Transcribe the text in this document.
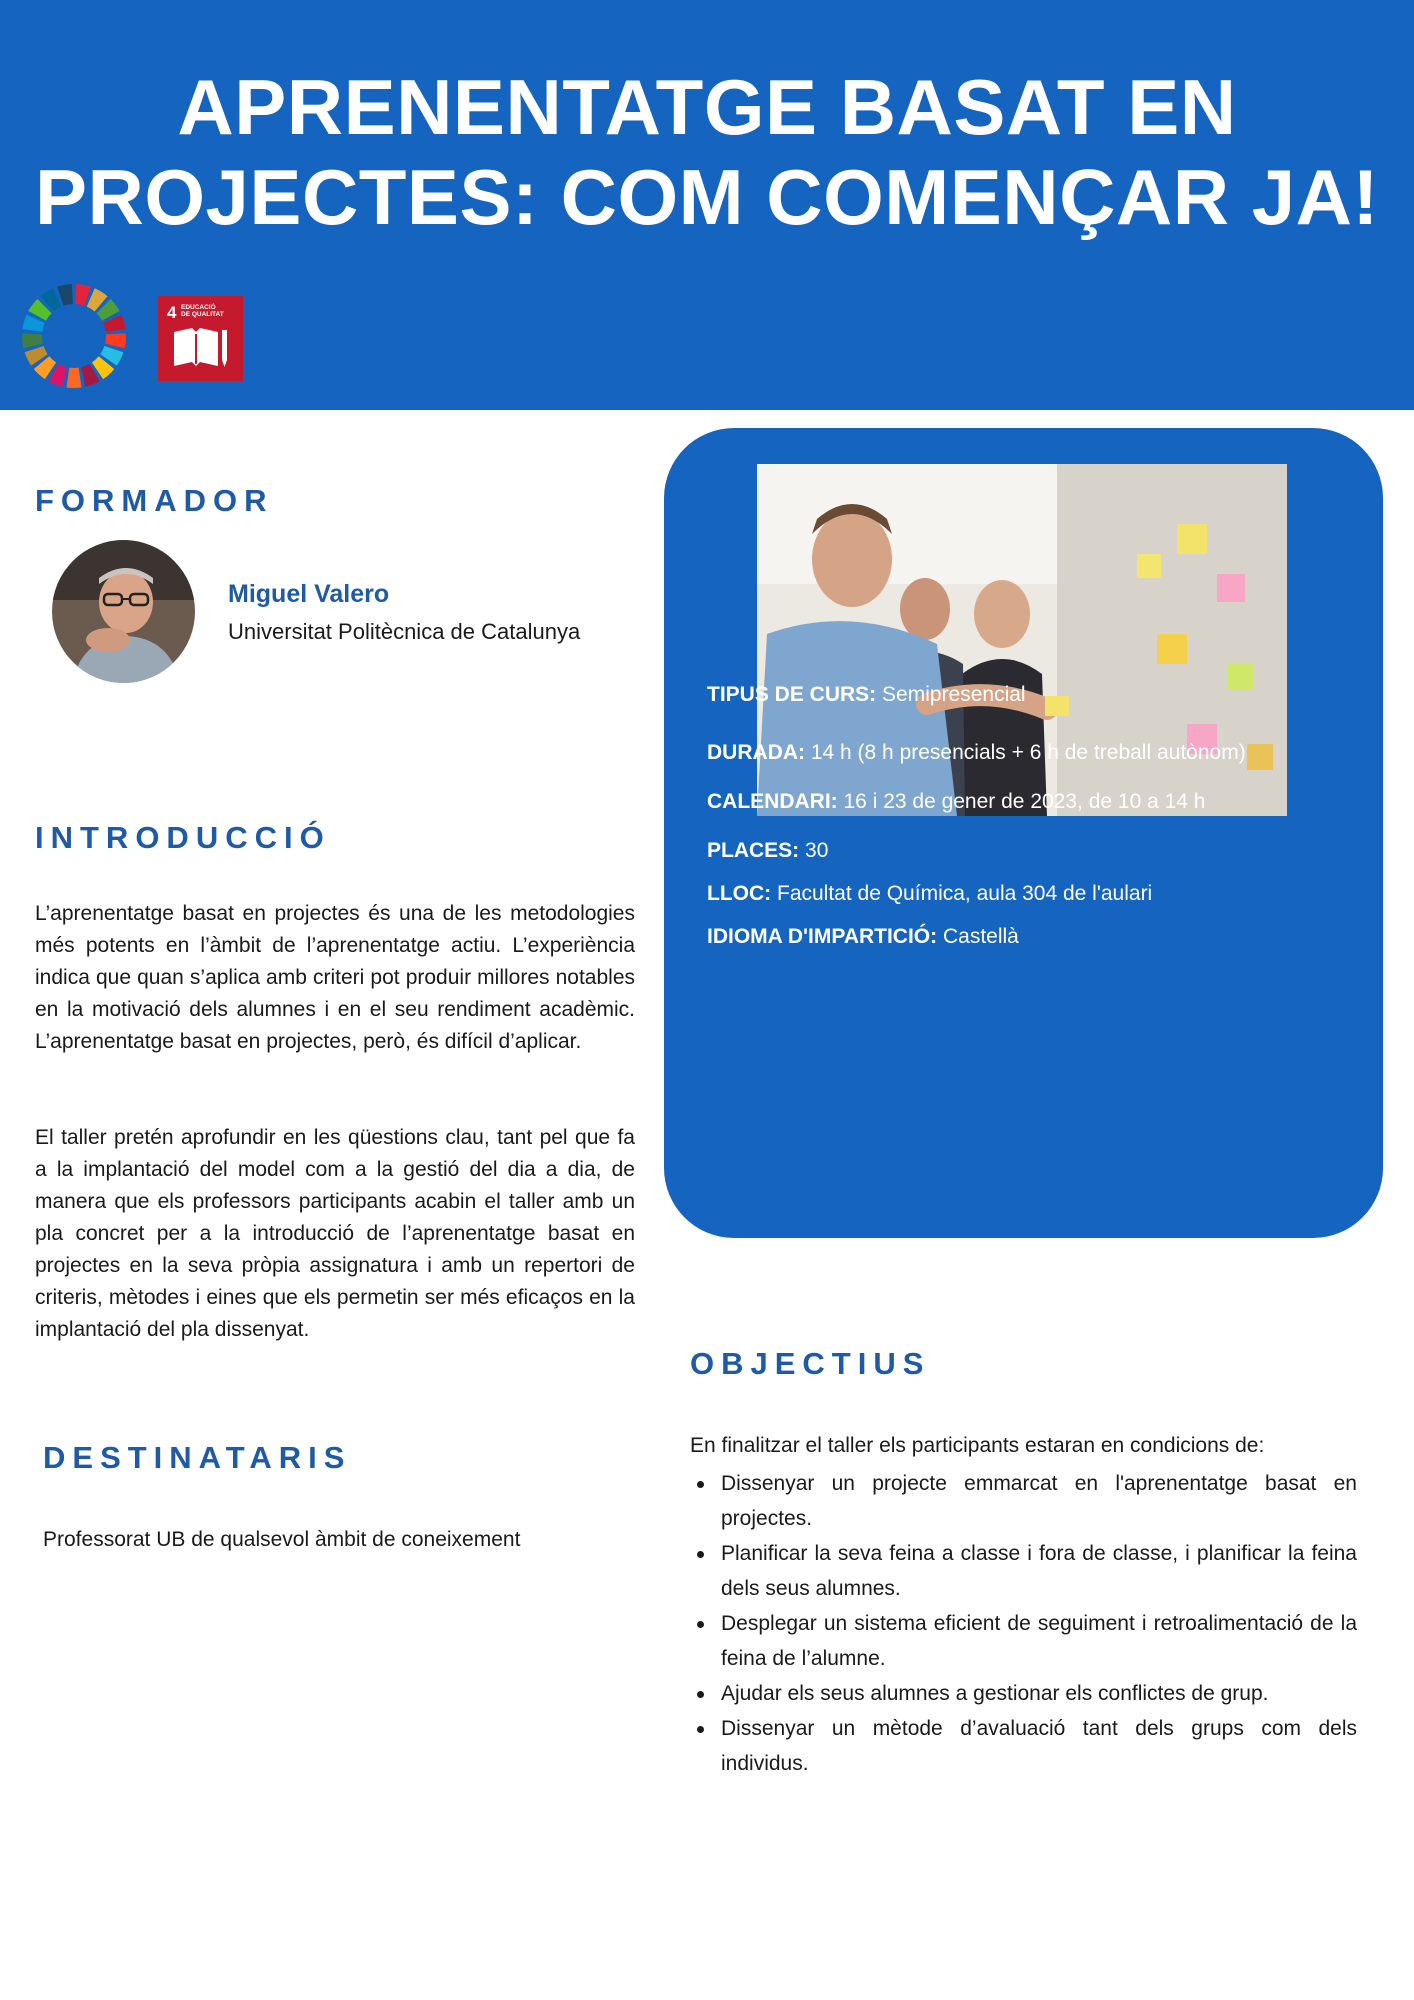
APRENENTATGE BASAT EN
PROJECTES: COM COMENÇAR JA!
4 EDUCACIÓ
DE QUALITAT
FORMADOR
Miguel Valero
Universitat Politècnica de Catalunya
INTRODUCCIÓ

L’aprenentatge basat en projectes és una de les metodologies més potents en l’àmbit de l’aprenentatge actiu. L’experiència indica que quan s’aplica amb criteri pot produir millores notables en la motivació dels alumnes i en el seu rendiment acadèmic. L’aprenentatge basat en projectes, però, és difícil d’aplicar.

El taller pretén aprofundir en les qüestions clau, tant pel que fa a la implantació del model com a la gestió del dia a dia, de manera que els professors participants acabin el taller amb un pla concret per a la introducció de l’aprenentatge basat en projectes en la seva pròpia assignatura i amb un repertori de criteris, mètodes i eines que els permetin ser més eficaços en la implantació del pla dissenyat.

DESTINATARIS
Professorat UB de qualsevol àmbit de coneixement
TIPUS DE CURS: Semipresencial
DURADA: 14 h (8 h presencials + 6 h de treball autònom)
CALENDARI: 16 i 23 de gener de 2023, de 10 a 14 h
PLACES: 30
LLOC: Facultat de Química, aula 304 de l'aulari
IDIOMA D'IMPARTICIÓ: Castellà
OBJECTIUS
En finalitzar el taller els participants estaran en condicions de:
Dissenyar un projecte emmarcat en l'aprenentatge basat en projectes.
Planificar la seva feina a classe i fora de classe, i planificar la feina dels seus alumnes.
Desplegar un sistema eficient de seguiment i retroalimentació de la feina de l’alumne.
Ajudar els seus alumnes a gestionar els conflictes de grup.
Dissenyar un mètode d’avaluació tant dels grups com dels individus.
